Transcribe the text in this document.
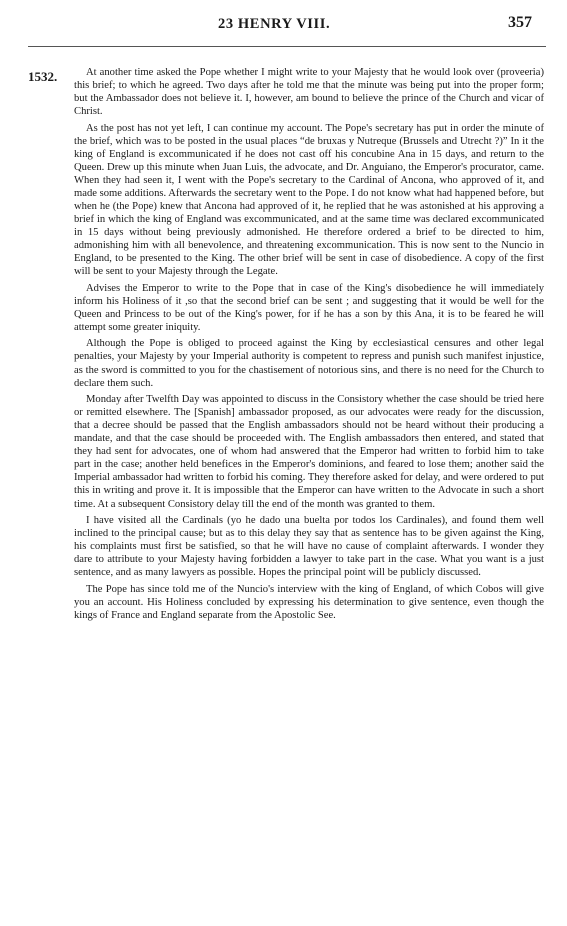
23 HENRY VIII.	357
1532.	At another time asked the Pope whether I might write to your Majesty that he would look over (proveeria) this brief; to which he agreed. Two days after he told me that the minute was being put into the proper form; but the Ambassador does not believe it. I, however, am bound to believe the prince of the Church and vicar of Christ.

As the post has not yet left, I can continue my account. The Pope's secretary has put in order the minute of the brief, which was to be posted in the usual places “de bruxas y Nutreque (Brussels and Utrecht ?)” In it the king of England is excommunicated if he does not cast off his concubine Ana in 15 days, and return to the Queen. Drew up this minute when Juan Luis, the advocate, and Dr. Anguiano, the Emperor's procurator, came. When they had seen it, I went with the Pope's secretary to the Cardinal of Ancona, who approved of it, and made some additions. Afterwards the secretary went to the Pope. I do not know what had happened before, but when he (the Pope) knew that Ancona had approved of it, he replied that he was astonished at his approving a brief in which the king of England was excommunicated, and at the same time was declared excommunicated in 15 days without being previously admonished. He therefore ordered a brief to be directed to him, admonishing him with all benevolence, and threatening excommunication. This is now sent to the Nuncio in England, to be presented to the King. The other brief will be sent in case of disobedience. A copy of the first will be sent to your Majesty through the Legate.

Advises the Emperor to write to the Pope that in case of the King's disobedience he will immediately inform his Holiness of it ,so that the second brief can be sent ; and suggesting that it would be well for the Queen and Princess to be out of the King's power, for if he has a son by this Ana, it is to be feared he will attempt some greater iniquity.

Although the Pope is obliged to proceed against the King by ecclesiastical censures and other legal penalties, your Majesty by your Imperial authority is competent to repress and punish such manifest injustice, as the sword is committed to you for the chastisement of notorious sins, and there is no need for the Church to declare them such.

Monday after Twelfth Day was appointed to discuss in the Consistory whether the case should be tried here or remitted elsewhere. The [Spanish] ambassador proposed, as our advocates were ready for the discussion, that a decree should be passed that the English ambassadors should not be heard without their producing a mandate, and that the case should be proceeded with. The English ambassadors then entered, and stated that they had sent for advocates, one of whom had answered that the Emperor had written to forbid him to take part in the case; another held benefices in the Emperor's dominions, and feared to lose them; another said the Imperial ambassador had written to forbid his coming. They therefore asked for delay, and were ordered to put this in writing and prove it. It is impossible that the Emperor can have written to the Advocate in such a short time. At a subsequent Consistory delay till the end of the month was granted to them.

I have visited all the Cardinals (yo he dado una buelta por todos los Cardinales), and found them well inclined to the principal cause; but as to this delay they say that as sentence has to be given against the King, his complaints must first be satisfied, so that he will have no cause of complaint afterwards. I wonder they dare to attribute to your Majesty having forbidden a lawyer to take part in the case. What you want is a just sentence, and as many lawyers as possible. Hopes the principal point will be publicly discussed.

The Pope has since told me of the Nuncio's interview with the king of England, of which Cobos will give you an account. His Holiness concluded by expressing his determination to give sentence, even though the kings of France and England separate from the Apostolic See.
